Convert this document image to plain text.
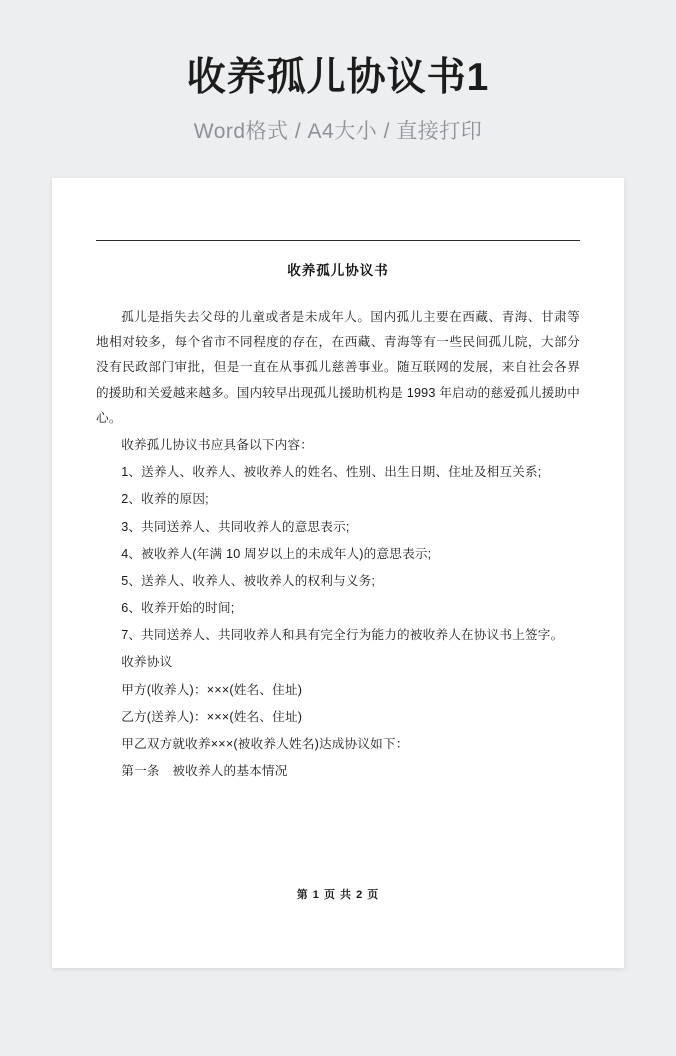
收养孤儿协议书1
Word格式 / A4大小 / 直接打印
收养孤儿协议书

孤儿是指失去父母的儿童或者是未成年人。国内孤儿主要在西藏、青海、甘肃等地相对较多，每个省市不同程度的存在，在西藏、青海等有一些民间孤儿院，大部分没有民政部门审批，但是一直在从事孤儿慈善事业。随互联网的发展，来自社会各界的援助和关爱越来越多。国内较早出现孤儿援助机构是 1993 年启动的慈爱孤儿援助中心。

收养孤儿协议书应具备以下内容：

1、送养人、收养人、被收养人的姓名、性别、出生日期、住址及相互关系;

2、收养的原因;

3、共同送养人、共同收养人的意思表示;

4、被收养人(年满 10 周岁以上的未成年人)的意思表示;

5、送养人、收养人、被收养人的权利与义务;

6、收养开始的时间;

7、共同送养人、共同收养人和具有完全行为能力的被收养人在协议书上签字。

收养协议

甲方(收养人)：×××(姓名、住址)

乙方(送养人)：×××(姓名、住址)

甲乙双方就收养×××(被收养人姓名)达成协议如下：

第一条　被收养人的基本情况

第 1 页 共 2 页
